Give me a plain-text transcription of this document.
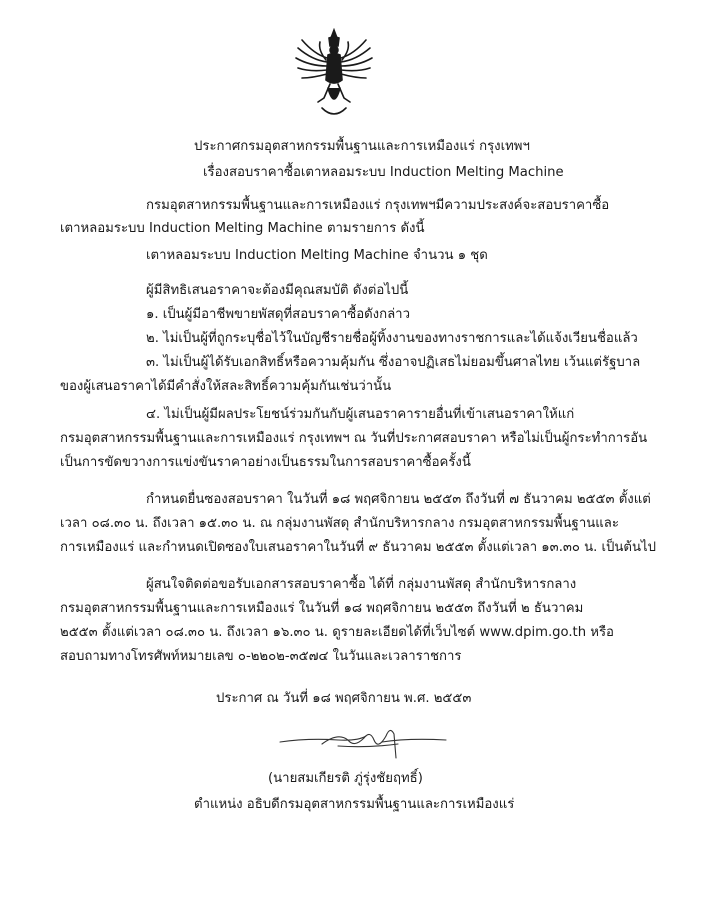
ประกาศกรมอุตสาหกรรมพื้นฐานและการเหมืองแร่ กรุงเทพฯ
เรื่องสอบราคาซื้อเตาหลอมระบบ Induction Melting Machine
กรมอุตสาหกรรมพื้นฐานและการเหมืองแร่ กรุงเทพฯมีความประสงค์จะสอบราคาซื้อ
เตาหลอมระบบ Induction Melting Machine ตามรายการ ดังนี้
เตาหลอมระบบ Induction Melting Machine จำนวน ๑ ชุด
ผู้มีสิทธิเสนอราคาจะต้องมีคุณสมบัติ ดังต่อไปนี้
๑. เป็นผู้มีอาชีพขายพัสดุที่สอบราคาซื้อดังกล่าว
๒. ไม่เป็นผู้ที่ถูกระบุชื่อไว้ในบัญชีรายชื่อผู้ทิ้งงานของทางราชการและได้แจ้งเวียนชื่อแล้ว
๓. ไม่เป็นผู้ได้รับเอกสิทธิ์หรือความคุ้มกัน ซึ่งอาจปฏิเสธไม่ยอมขึ้นศาลไทย เว้นแต่รัฐบาล
ของผู้เสนอราคาได้มีคำสั่งให้สละสิทธิ์ความคุ้มกันเช่นว่านั้น
๔. ไม่เป็นผู้มีผลประโยชน์ร่วมกันกับผู้เสนอราคารายอื่นที่เข้าเสนอราคาให้แก่
กรมอุตสาหกรรมพื้นฐานและการเหมืองแร่ กรุงเทพฯ ณ วันที่ประกาศสอบราคา หรือไม่เป็นผู้กระทำการอัน
เป็นการขัดขวางการแข่งขันราคาอย่างเป็นธรรมในการสอบราคาซื้อครั้งนี้
กำหนดยื่นซองสอบราคา ในวันที่ ๑๘ พฤศจิกายน ๒๕๕๓ ถึงวันที่ ๗ ธันวาคม ๒๕๕๓ ตั้งแต่
เวลา ๐๘.๓๐ น. ถึงเวลา ๑๕.๓๐ น. ณ กลุ่มงานพัสดุ สำนักบริหารกลาง กรมอุตสาหกรรมพื้นฐานและ
การเหมืองแร่ และกำหนดเปิดซองใบเสนอราคาในวันที่ ๙ ธันวาคม ๒๕๕๓ ตั้งแต่เวลา ๑๓.๓๐ น. เป็นต้นไป
ผู้สนใจติดต่อขอรับเอกสารสอบราคาซื้อ ได้ที่ กลุ่มงานพัสดุ สำนักบริหารกลาง
กรมอุตสาหกรรมพื้นฐานและการเหมืองแร่ ในวันที่ ๑๘ พฤศจิกายน ๒๕๕๓ ถึงวันที่ ๒ ธันวาคม
๒๕๕๓ ตั้งแต่เวลา ๐๘.๓๐ น. ถึงเวลา ๑๖.๓๐ น. ดูรายละเอียดได้ที่เว็บไซต์ www.dpim.go.th หรือ
สอบถามทางโทรศัพท์หมายเลข ๐-๒๒๐๒-๓๕๗๔ ในวันและเวลาราชการ
ประกาศ ณ วันที่ ๑๘ พฤศจิกายน พ.ศ. ๒๕๕๓
(นายสมเกียรติ ภู่รุ่งชัยฤทธิ์)
ตำแหน่ง อธิบดีกรมอุตสาหกรรมพื้นฐานและการเหมืองแร่
